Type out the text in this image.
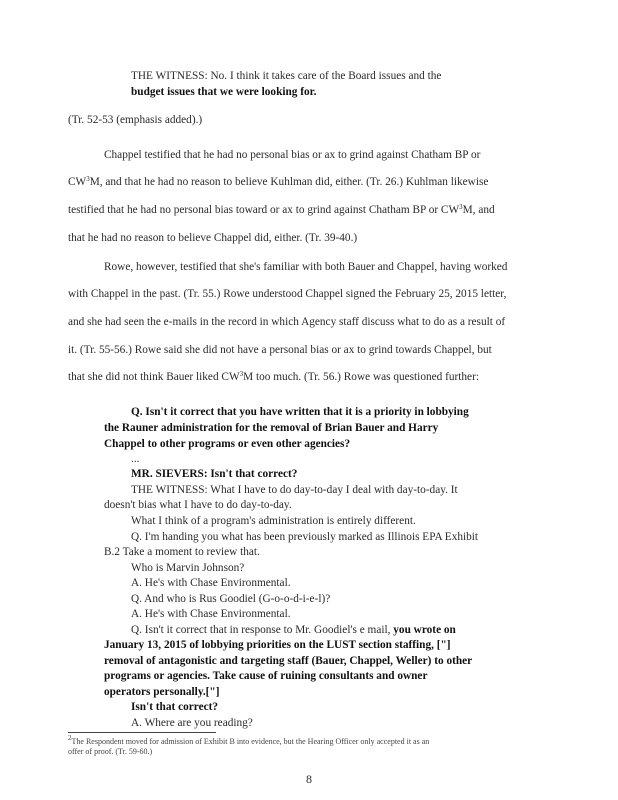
THE WITNESS: No. I think it takes care of the Board issues and the
budget issues that we were looking for.
(Tr. 52-53 (emphasis added).)
Chappel testified that he had no personal bias or ax to grind against Chatham BP or
$CW^3M$, and that he had no reason to believe Kuhlman did, either. (Tr. 26.) Kuhlman likewise
testified that he had no personal bias toward or ax to grind against Chatham BP or $CW^3M$, and
that he had no reason to believe Chappel did, either. (Tr. 39-40.)
Rowe, however, testified that she's familiar with both Bauer and Chappel, having worked
with Chappel in the past. (Tr. 55.) Rowe understood Chappel signed the February 25, 2015 letter,
and she had seen the e-mails in the record in which Agency staff discuss what to do as a result of
it. (Tr. 55-56.) Rowe said she did not have a personal bias or ax to grind towards Chappel, but
that she did not think Bauer liked $CW^3M$ too much. (Tr. 56.) Rowe was questioned further:
Q. Isn't it correct that you have written that it is a priority in lobbying
the Rauner administration for the removal of Brian Bauer and Harry
Chappel to other programs or even other agencies?
...
MR. SIEVERS: Isn't that correct?
THE WITNESS: What I have to do day-to-day I deal with day-to-day. It
doesn't bias what I have to do day-to-day.
What I think of a program's administration is entirely different.
Q. I'm handing you what has been previously marked as Illinois EPA Exhibit
B.2 Take a moment to review that.
Who is Marvin Johnson?
A. He's with Chase Environmental.
Q. And who is Rus Goodiel (G-o-o-d-i-e-l)?
A. He's with Chase Environmental.
Q. Isn't it correct that in response to Mr. Goodiel's e mail, you wrote on
January 13, 2015 of lobbying priorities on the LUST section staffing, ["]
removal of antagonistic and targeting staff (Bauer, Chappel, Weller) to other
programs or agencies. Take cause of ruining consultants and owner
operators personally.["]
Isn't that correct?
A. Where are you reading?
$^2$The Respondent moved for admission of Exhibit B into evidence, but the Hearing Officer only accepted it as an
offer of proof. (Tr. 59-60.)
8
